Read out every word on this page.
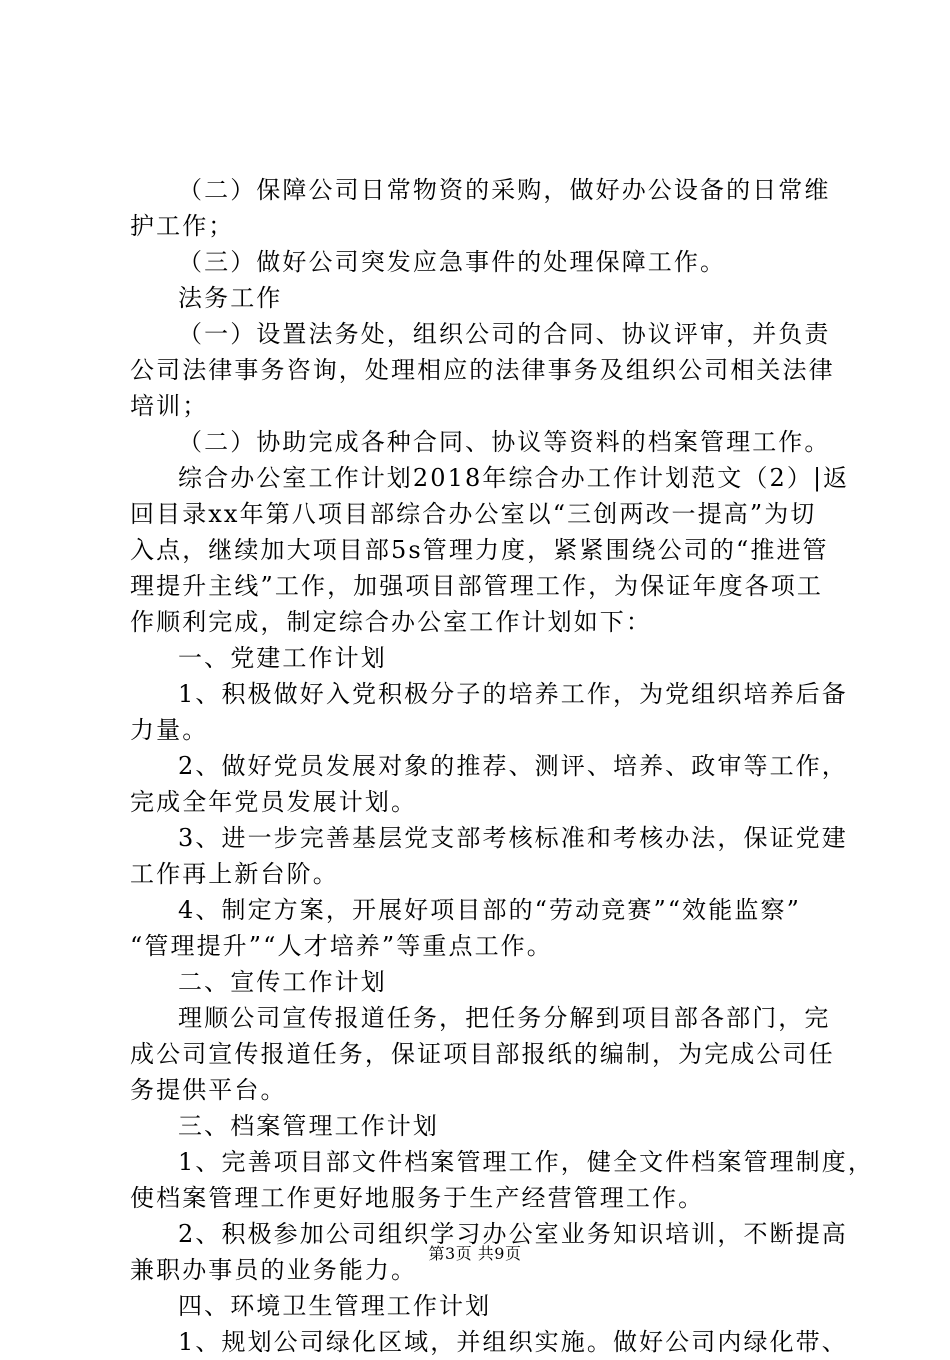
（二）保障公司日常物资的采购，做好办公设备的日常维
护工作；
（三）做好公司突发应急事件的处理保障工作。
法务工作
（一）设置法务处，组织公司的合同、协议评审，并负责
公司法律事务咨询，处理相应的法律事务及组织公司相关法律
培训；
（二）协助完成各种合同、协议等资料的档案管理工作。
综合办公室工作计划2018年综合办工作计划范文（2）|返
回目录xx年第八项目部综合办公室以“三创两改一提高”为切
入点，继续加大项目部5s管理力度，紧紧围绕公司的“推进管
理提升主线”工作，加强项目部管理工作，为保证年度各项工
作顺利完成，制定综合办公室工作计划如下：
一、党建工作计划
1、积极做好入党积极分子的培养工作，为党组织培养后备
力量。
2、做好党员发展对象的推荐、测评、培养、政审等工作，
完成全年党员发展计划。
3、进一步完善基层党支部考核标准和考核办法，保证党建
工作再上新台阶。
4、制定方案，开展好项目部的“劳动竞赛”“效能监察”
“管理提升”“人才培养”等重点工作。
二、宣传工作计划
理顺公司宣传报道任务，把任务分解到项目部各部门，完
成公司宣传报道任务，保证项目部报纸的编制，为完成公司任
务提供平台。
三、档案管理工作计划
1、完善项目部文件档案管理工作，健全文件档案管理制度，
使档案管理工作更好地服务于生产经营管理工作。
2、积极参加公司组织学习办公室业务知识培训，不断提高
兼职办事员的业务能力。
四、环境卫生管理工作计划
1、规划公司绿化区域，并组织实施。做好公司内绿化带、
第3页 共9页
